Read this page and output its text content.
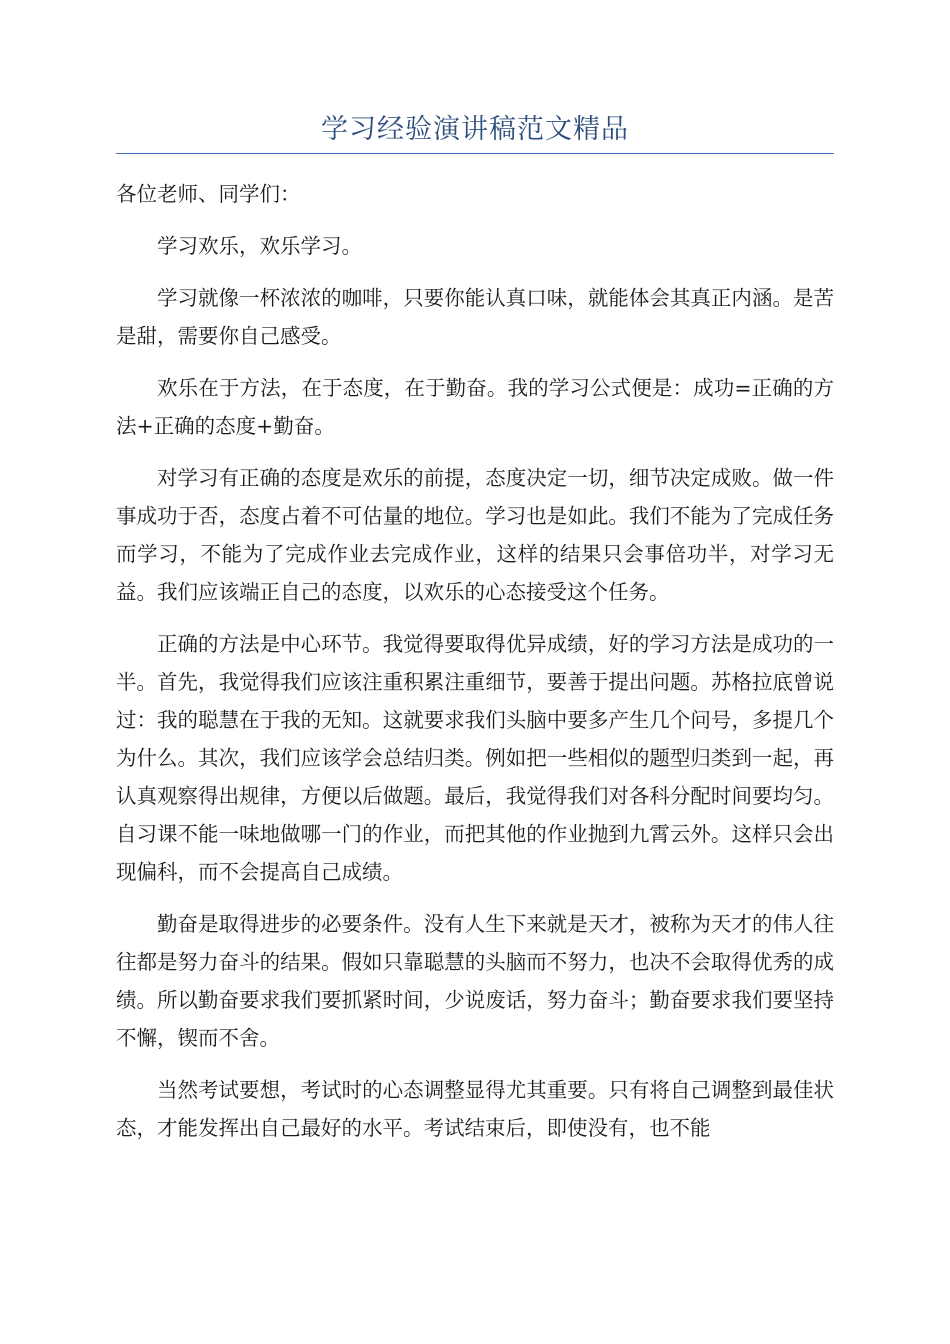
学习经验演讲稿范文精品

各位老师、同学们：

学习欢乐，欢乐学习。

学习就像一杯浓浓的咖啡，只要你能认真口味，就能体会其真正内涵。是苦是甜，需要你自己感受。

欢乐在于方法，在于态度，在于勤奋。我的学习公式便是：成功=正确的方法+正确的态度+勤奋。

对学习有正确的态度是欢乐的前提，态度决定一切，细节决定成败。做一件事成功于否，态度占着不可估量的地位。学习也是如此。我们不能为了完成任务而学习，不能为了完成作业去完成作业，这样的结果只会事倍功半，对学习无益。我们应该端正自己的态度，以欢乐的心态接受这个任务。

正确的方法是中心环节。我觉得要取得优异成绩，好的学习方法是成功的一半。首先，我觉得我们应该注重积累注重细节，要善于提出问题。苏格拉底曾说过：我的聪慧在于我的无知。这就要求我们头脑中要多产生几个问号，多提几个为什么。其次，我们应该学会总结归类。例如把一些相似的题型归类到一起，再认真观察得出规律，方便以后做题。最后，我觉得我们对各科分配时间要均匀。自习课不能一味地做哪一门的作业，而把其他的作业抛到九霄云外。这样只会出现偏科，而不会提高自己成绩。

勤奋是取得进步的必要条件。没有人生下来就是天才，被称为天才的伟人往往都是努力奋斗的结果。假如只靠聪慧的头脑而不努力，也决不会取得优秀的成绩。所以勤奋要求我们要抓紧时间，少说废话，努力奋斗；勤奋要求我们要坚持不懈，锲而不舍。

当然考试要想，考试时的心态调整显得尤其重要。只有将自己调整到最佳状态，才能发挥出自己最好的水平。考试结束后，即使没有，也不能
